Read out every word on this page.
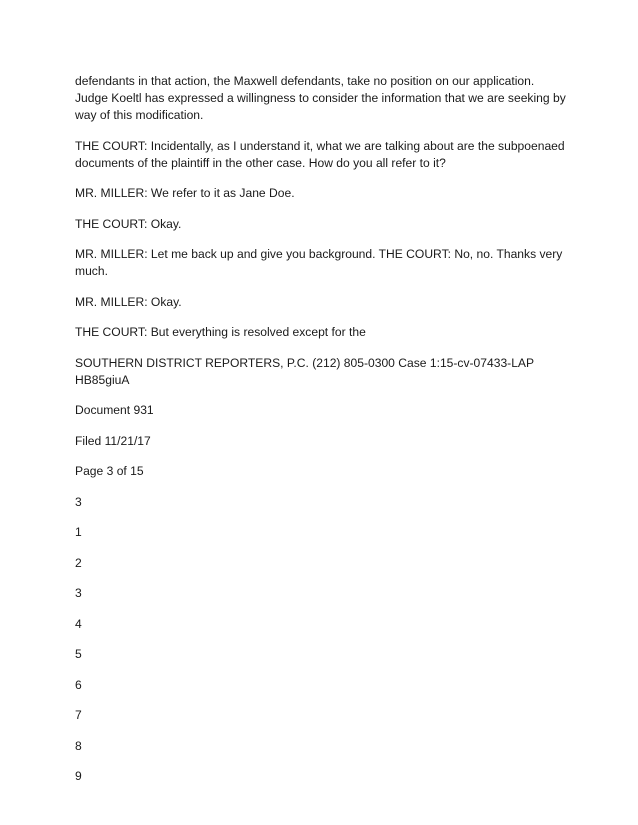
defendants in that action, the Maxwell defendants, take no position on our application. Judge Koeltl has expressed a willingness to consider the information that we are seeking by way of this modification.

THE COURT: Incidentally, as I understand it, what we are talking about are the subpoenaed documents of the plaintiff in the other case. How do you all refer to it?

MR. MILLER: We refer to it as Jane Doe.

THE COURT: Okay.

MR. MILLER: Let me back up and give you background. THE COURT: No, no. Thanks very much.

MR. MILLER: Okay.

THE COURT: But everything is resolved except for the

SOUTHERN DISTRICT REPORTERS, P.C. (212) 805-0300 Case 1:15-cv-07433-LAP HB85giuA

Document 931

Filed 11/21/17

Page 3 of 15

3

1

2

3

4

5

6

7

8

9
